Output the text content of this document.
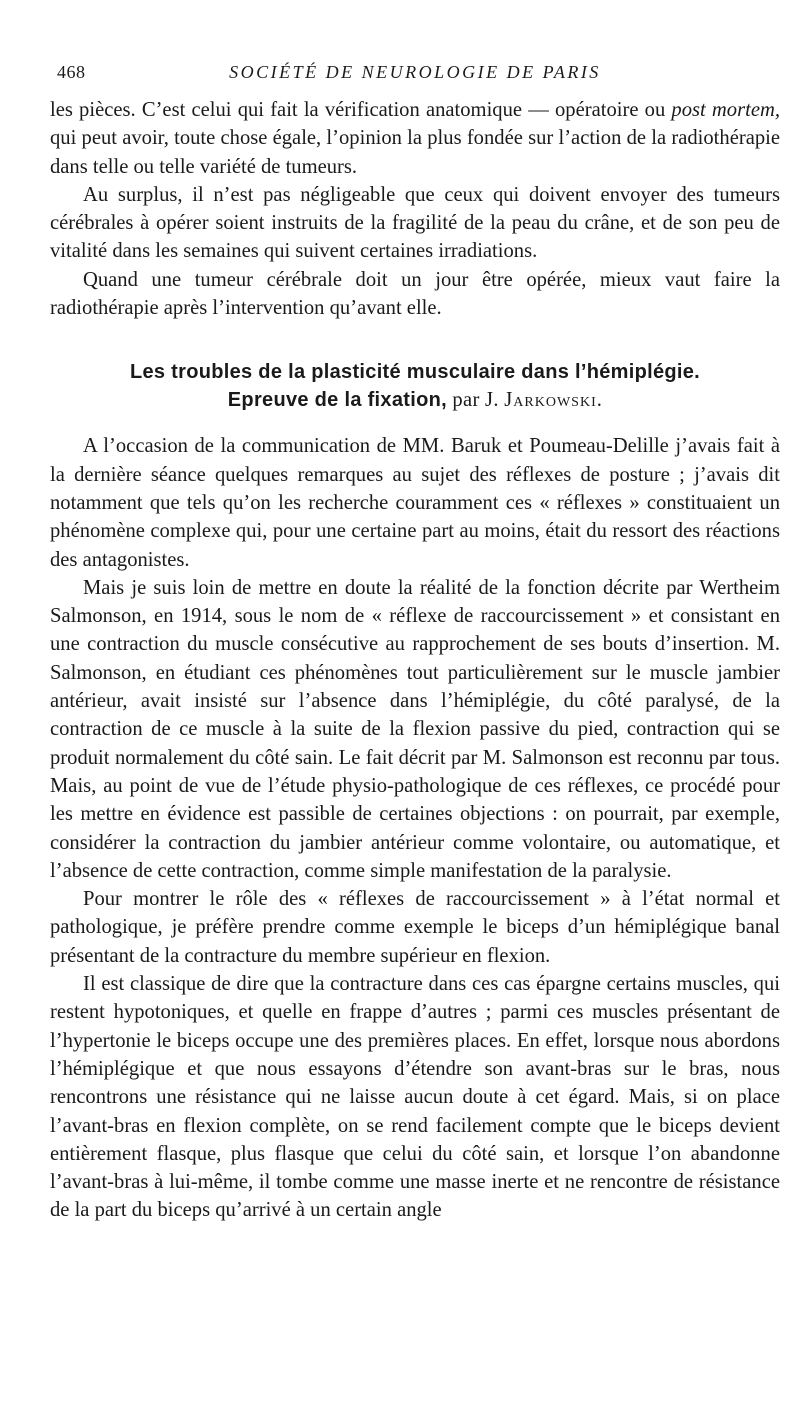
468	SOCIÉTÉ DE NEUROLOGIE DE PARIS

les pièces. C’est celui qui fait la vérification anatomique — opératoire ou post mortem, qui peut avoir, toute chose égale, l’opinion la plus fondée sur l’action de la radiothérapie dans telle ou telle variété de tumeurs.

Au surplus, il n’est pas négligeable que ceux qui doivent envoyer des tumeurs cérébrales à opérer soient instruits de la fragilité de la peau du crâne, et de son peu de vitalité dans les semaines qui suivent certaines irradiations.

Quand une tumeur cérébrale doit un jour être opérée, mieux vaut faire la radiothérapie après l’intervention qu’avant elle.

Les troubles de la plasticité musculaire dans l’hémiplégie.
Epreuve de la fixation, par J. Jarkowski.

A l’occasion de la communication de MM. Baruk et Poumeau-Delille j’avais fait à la dernière séance quelques remarques au sujet des réflexes de posture ; j’avais dit notamment que tels qu’on les recherche couramment ces « réflexes » constituaient un phénomène complexe qui, pour une certaine part au moins, était du ressort des réactions des antagonistes.

Mais je suis loin de mettre en doute la réalité de la fonction décrite par Wertheim Salmonson, en 1914, sous le nom de « réflexe de raccourcissement » et consistant en une contraction du muscle consécutive au rapprochement de ses bouts d’insertion. M. Salmonson, en étudiant ces phénomènes tout particulièrement sur le muscle jambier antérieur, avait insisté sur l’absence dans l’hémiplégie, du côté paralysé, de la contraction de ce muscle à la suite de la flexion passive du pied, contraction qui se produit normalement du côté sain. Le fait décrit par M. Salmonson est reconnu par tous. Mais, au point de vue de l’étude physio-pathologique de ces réflexes, ce procédé pour les mettre en évidence est passible de certaines objections : on pourrait, par exemple, considérer la contraction du jambier antérieur comme volontaire, ou automatique, et l’absence de cette contraction, comme simple manifestation de la paralysie.

Pour montrer le rôle des « réflexes de raccourcissement » à l’état normal et pathologique, je préfère prendre comme exemple le biceps d’un hémiplégique banal présentant de la contracture du membre supérieur en flexion.

Il est classique de dire que la contracture dans ces cas épargne certains muscles, qui restent hypotoniques, et quelle en frappe d’autres ; parmi ces muscles présentant de l’hypertonie le biceps occupe une des premières places. En effet, lorsque nous abordons l’hémiplégique et que nous essayons d’étendre son avant-bras sur le bras, nous rencontrons une résistance qui ne laisse aucun doute à cet égard. Mais, si on place l’avant-bras en flexion complète, on se rend facilement compte que le biceps devient entièrement flasque, plus flasque que celui du côté sain, et lorsque l’on abandonne l’avant-bras à lui-même, il tombe comme une masse inerte et ne rencontre de résistance de la part du biceps qu’arrivé à un certain angle
